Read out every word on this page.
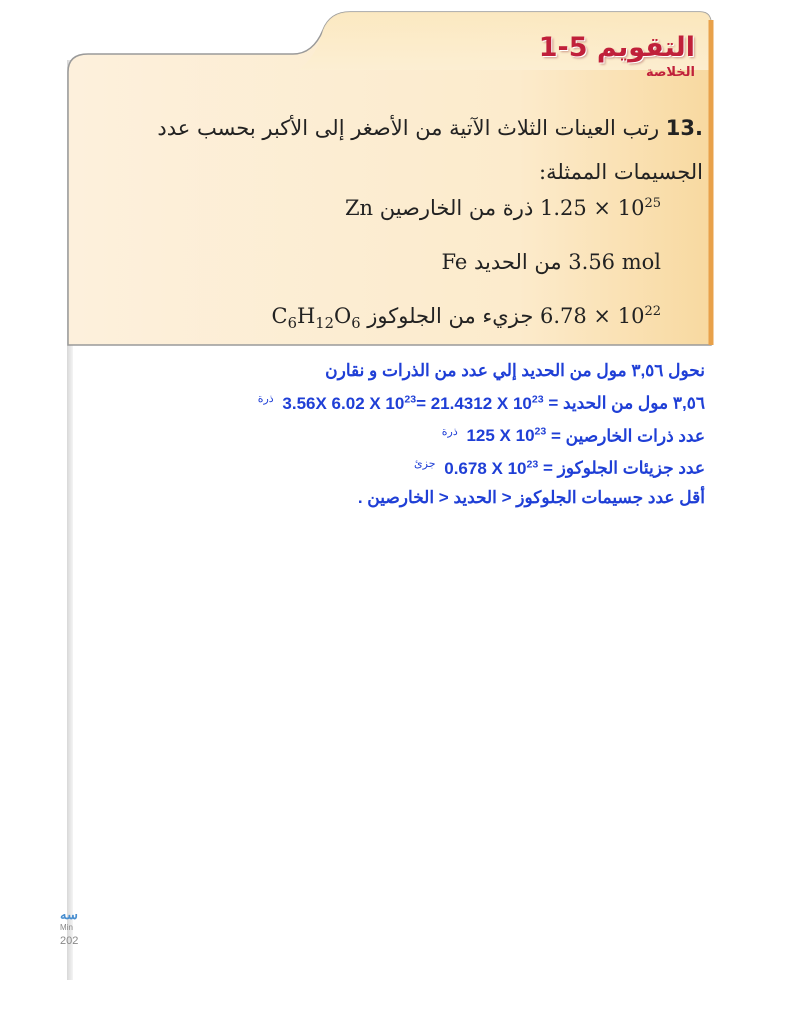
التقويم 5-1
الخلاصة
13. رتب العينات الثلاث الآتية من الأصغر إلى الأكبر بحسب عدد الجسيمات الممثلة:
$1.25 \times 10^{25}$ ذرة من الخارصين Zn
3.56 mol من الحديد Fe
$6.78 \times 10^{22}$ جزيء من الجلوكوز $C_6H_{12}O_6$
نحول ٣,٥٦ مول من الحديد إلي عدد من الذرات و نقارن
٣,٥٦ مول من الحديد = 3.56X 6.02 X $10^{23}= 21.4312$ X $10^{23}$ $^{ذرة}$
عدد ذرات الخارصين = 125 X $10^{23}$ $^{ذرة}$
عدد جزيئات الجلوكوز = 0.678 X $10^{23}$ $^{جزئ}$
أقل عدد جسيمات الجلوكوز < الحديد < الخارصين .
سه
Min
202
